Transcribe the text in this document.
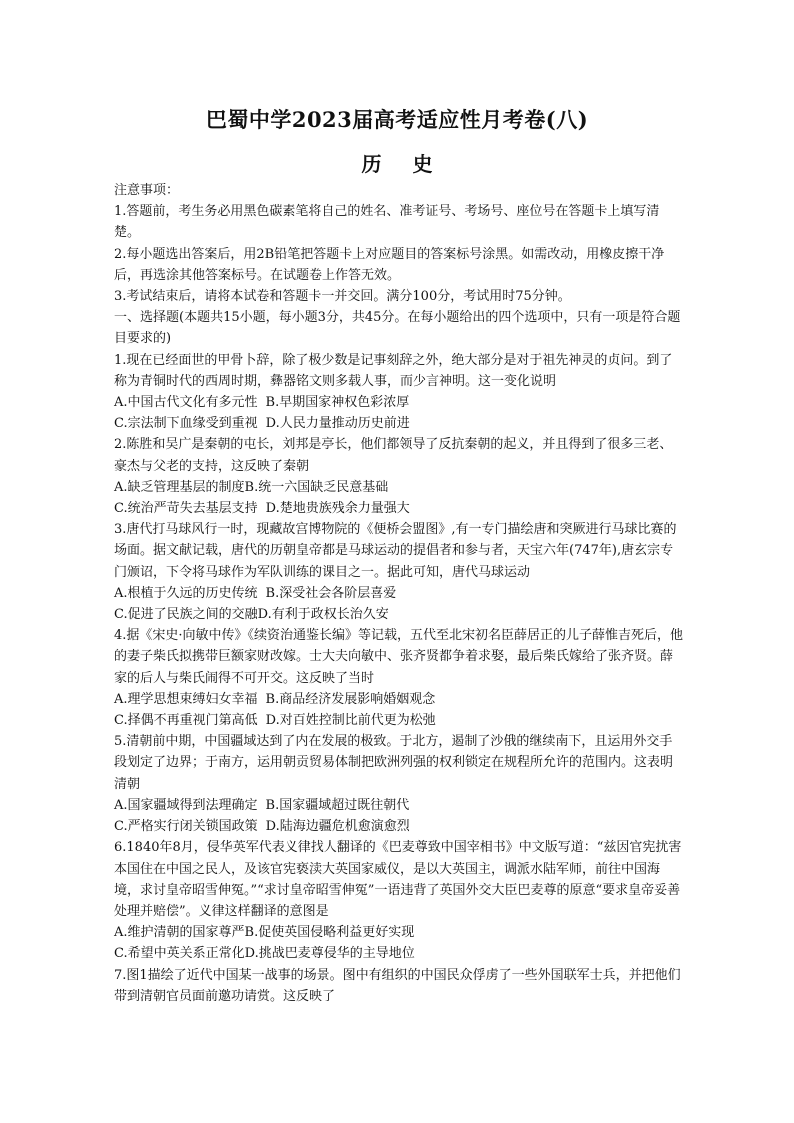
巴蜀中学2023届高考适应性月考卷(八)
历 史

注意事项：

1.答题前，考生务必用黑色碳素笔将自己的姓名、准考证号、考场号、座位号在答题卡上填写清楚。

2.每小题选出答案后，用2B铅笔把答题卡上对应题目的答案标号涂黑。如需改动，用橡皮擦干净后，再选涂其他答案标号。在试题卷上作答无效。

3.考试结束后，请将本试卷和答题卡一并交回。满分100分，考试用时75分钟。

一、选择题(本题共15小题，每小题3分，共45分。在每小题给出的四个选项中，只有一项是符合题目要求的)

1.现在已经面世的甲骨卜辞，除了极少数是记事刻辞之外，绝大部分是对于祖先神灵的贞问。到了称为青铜时代的西周时期，彝器铭文则多载人事，而少言神明。这一变化说明

A.中国古代文化有多元性 B.早期国家神权色彩浓厚
C.宗法制下血缘受到重视 D.人民力量推动历史前进

2.陈胜和吴广是秦朝的屯长，刘邦是亭长，他们都领导了反抗秦朝的起义，并且得到了很多三老、豪杰与父老的支持，这反映了秦朝

A.缺乏管理基层的制度B.统一六国缺乏民意基础
C.统治严苛失去基层支持 D.楚地贵族残余力量强大

3.唐代打马球风行一时，现藏故宫博物院的《便桥会盟图》,有一专门描绘唐和突厥进行马球比赛的场面。据文献记载，唐代的历朝皇帝都是马球运动的提倡者和参与者，天宝六年(747年),唐玄宗专门颁诏，下令将马球作为军队训练的课目之一。据此可知，唐代马球运动

A.根植于久远的历史传统 B.深受社会各阶层喜爱
C.促进了民族之间的交融D.有利于政权长治久安

4.据《宋史·向敏中传》《续资治通鉴长编》等记载，五代至北宋初名臣薛居正的儿子薛惟吉死后，他的妻子柴氏拟携带巨额家财改嫁。士大夫向敏中、张齐贤都争着求娶，最后柴氏嫁给了张齐贤。薛家的后人与柴氏闹得不可开交。这反映了当时

A.理学思想束缚妇女幸福 B.商品经济发展影响婚姻观念
C.择偶不再重视门第高低 D.对百姓控制比前代更为松弛

5.清朝前中期，中国疆域达到了内在发展的极致。于北方，遏制了沙俄的继续南下，且运用外交手段划定了边界；于南方，运用朝贡贸易体制把欧洲列强的权利锁定在规程所允许的范围内。这表明清朝

A.国家疆域得到法理确定 B.国家疆域超过既往朝代
C.严格实行闭关锁国政策 D.陆海边疆危机愈演愈烈

6.1840年8月，侵华英军代表义律找人翻译的《巴麦尊致中国宰相书》中文版写道：“兹因官宪扰害本国住在中国之民人，及该官宪亵渎大英国家威仪，是以大英国主，调派水陆军师，前往中国海境，求讨皇帝昭雪伸冤。”“求讨皇帝昭雪伸冤”一语违背了英国外交大臣巴麦尊的原意“要求皇帝妥善处理并赔偿”。义律这样翻译的意图是

A.维护清朝的国家尊严B.促使英国侵略利益更好实现
C.希望中英关系正常化D.挑战巴麦尊侵华的主导地位

7.图1描绘了近代中国某一战事的场景。图中有组织的中国民众俘虏了一些外国联军士兵，并把他们带到清朝官员面前邀功请赏。这反映了
